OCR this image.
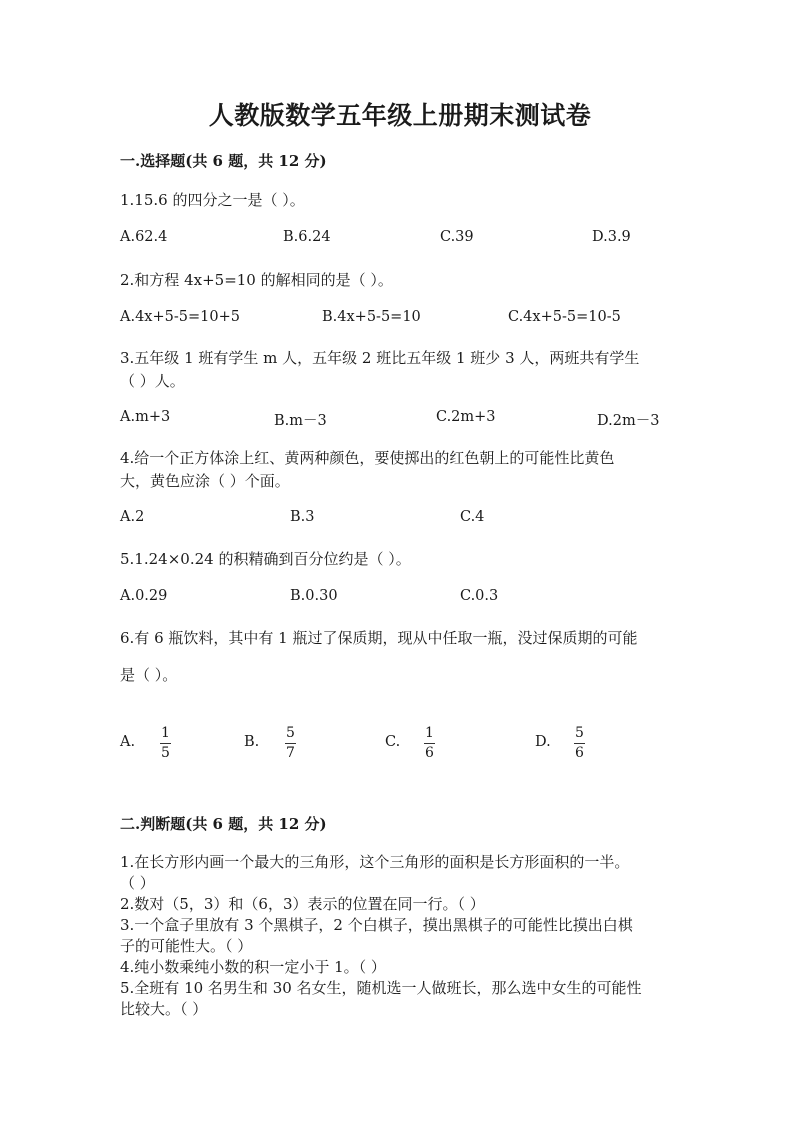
人教版数学五年级上册期末测试卷
一.选择题(共 6 题，共 12 分)
1.15.6 的四分之一是（ ）。
A.62.4	B.6.24	C.39	D.3.9
2.和方程 4x+5=10 的解相同的是（ ）。
A.4x+5-5=10+5	B.4x+5-5=10	C.4x+5-5=10-5
3.五年级 1 班有学生 m 人，五年级 2 班比五年级 1 班少 3 人，两班共有学生
（ ）人。
A.m+3	B.m－3	C.2m+3	D.2m－3
4.给一个正方体涂上红、黄两种颜色，要使掷出的红色朝上的可能性比黄色
大，黄色应涂（ ）个面。
A.2	B.3	C.4
5.1.24×0.24 的积精确到百分位约是（ ）。
A.0.29	B.0.30	C.0.3
6.有 6 瓶饮料，其中有 1 瓶过了保质期，现从中任取一瓶，没过保质期的可能
是（ ）。
A.
1
5
B.
5
7
C.
1
6
D.
5
6
二.判断题(共 6 题，共 12 分)
1.在长方形内画一个最大的三角形，这个三角形的面积是长方形面积的一半。
（ ）
2.数对（5，3）和（6，3）表示的位置在同一行。（ ）
3.一个盒子里放有 3 个黑棋子，2 个白棋子，摸出黑棋子的可能性比摸出白棋
子的可能性大。（ ）
4.纯小数乘纯小数的积一定小于 1。（ ）
5.全班有 10 名男生和 30 名女生，随机选一人做班长，那么选中女生的可能性
比较大。（ ）
